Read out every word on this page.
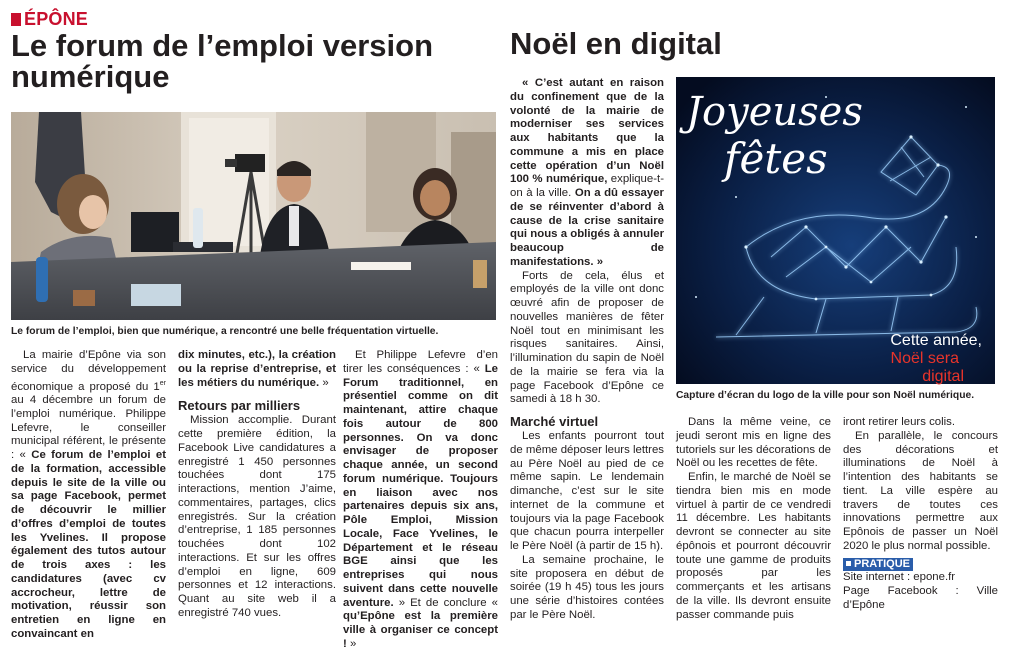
ÉPÔNE
Le forum de l’emploi version
numérique
Noël en digital
Le forum de l’emploi, bien que numérique, a rencontré une belle fréquentation virtuelle.

La mairie d’Epône via son service du développement économique a proposé du 1er au 4 décembre un forum de l’emploi numérique. Philippe Lefevre, le conseiller municipal référent, le présente : « Ce forum de l’emploi et de la formation, accessible depuis le site de la ville ou sa page Facebook, permet de découvrir le millier d’offres d’emploi de toutes les Yvelines. Il propose également des tutos autour de trois axes : les candidatures (avec cv accrocheur, lettre de motivation, réussir son entretien en ligne en convaincant en

dix minutes, etc.), la création ou la reprise d’entreprise, et les métiers du numérique. »

Retours par milliers

Mission accomplie. Durant cette première édition, la Facebook Live candidatures a enregistré 1 450 personnes touchées dont 175 interactions, mention J’aime, commentaires, partages, clics enregistrés. Sur la création d’entreprise, 1 185 personnes touchées dont 102 interactions. Et sur les offres d’emploi en ligne, 609 personnes et 12 interactions. Quant au site web il a enregistré 740 vues.

Et Philippe Lefevre d’en tirer les conséquences : « Le Forum traditionnel, en présentiel comme on dit maintenant, attire chaque fois autour de 800 personnes. On va donc envisager de proposer chaque année, un second forum numérique. Toujours en liaison avec nos partenaires depuis six ans, Pôle Emploi, Mission Locale, Face Yvelines, le Département et le réseau BGE ainsi que les entreprises qui nous suivent dans cette nouvelle aventure. » Et de conclure « qu’Epône est la première ville à organiser ce concept ! »

« C’est autant en raison du confinement que de la volonté de la mairie de moderniser ses services aux habitants que la commune a mis en place cette opération d’un Noël 100 % numérique, explique-t-on à la ville. On a dû essayer de se réinventer d’abord à cause de la crise sanitaire qui nous a obligés à annuler beaucoup de manifestations. »

Forts de cela, élus et employés de la ville ont donc œuvré afin de proposer de nouvelles manières de fêter Noël tout en minimisant les risques sanitaires. Ainsi, l’illumination du sapin de Noël de la mairie se fera via la page Facebook d’Epône ce samedi à 18 h 30.

Marché virtuel

Les enfants pourront tout de même déposer leurs lettres au Père Noël au pied de ce même sapin. Le lendemain dimanche, c’est sur le site internet de la commune et toujours via la page Facebook que chacun pourra interpeller le Père Noël (à partir de 15 h).

La semaine prochaine, le site proposera en début de soirée (19 h 45) tous les jours une série d’histoires contées par le Père Noël.

Joyeuses
fêtes
Cette année,
Noël sera
digital
Capture d’écran du logo de la ville pour son Noël numérique.

Dans la même veine, ce jeudi seront mis en ligne des tutoriels sur les décorations de Noël ou les recettes de fête.

Enfin, le marché de Noël se tiendra bien mis en mode virtuel à partir de ce vendredi 11 décembre. Les habitants devront se connecter au site épônois et pourront découvrir toute une gamme de produits proposés par les commerçants et les artisans de la ville. Ils devront ensuite passer commande puis

iront retirer leurs colis.

En parallèle, le concours des décorations et illuminations de Noël à l’intention des habitants se tient. La ville espère au travers de toutes ces innovations permettre aux Epônois de passer un Noël 2020 le plus normal possible.

PRATIQUE

Site internet : epone.fr

Page Facebook : Ville d’Epône
